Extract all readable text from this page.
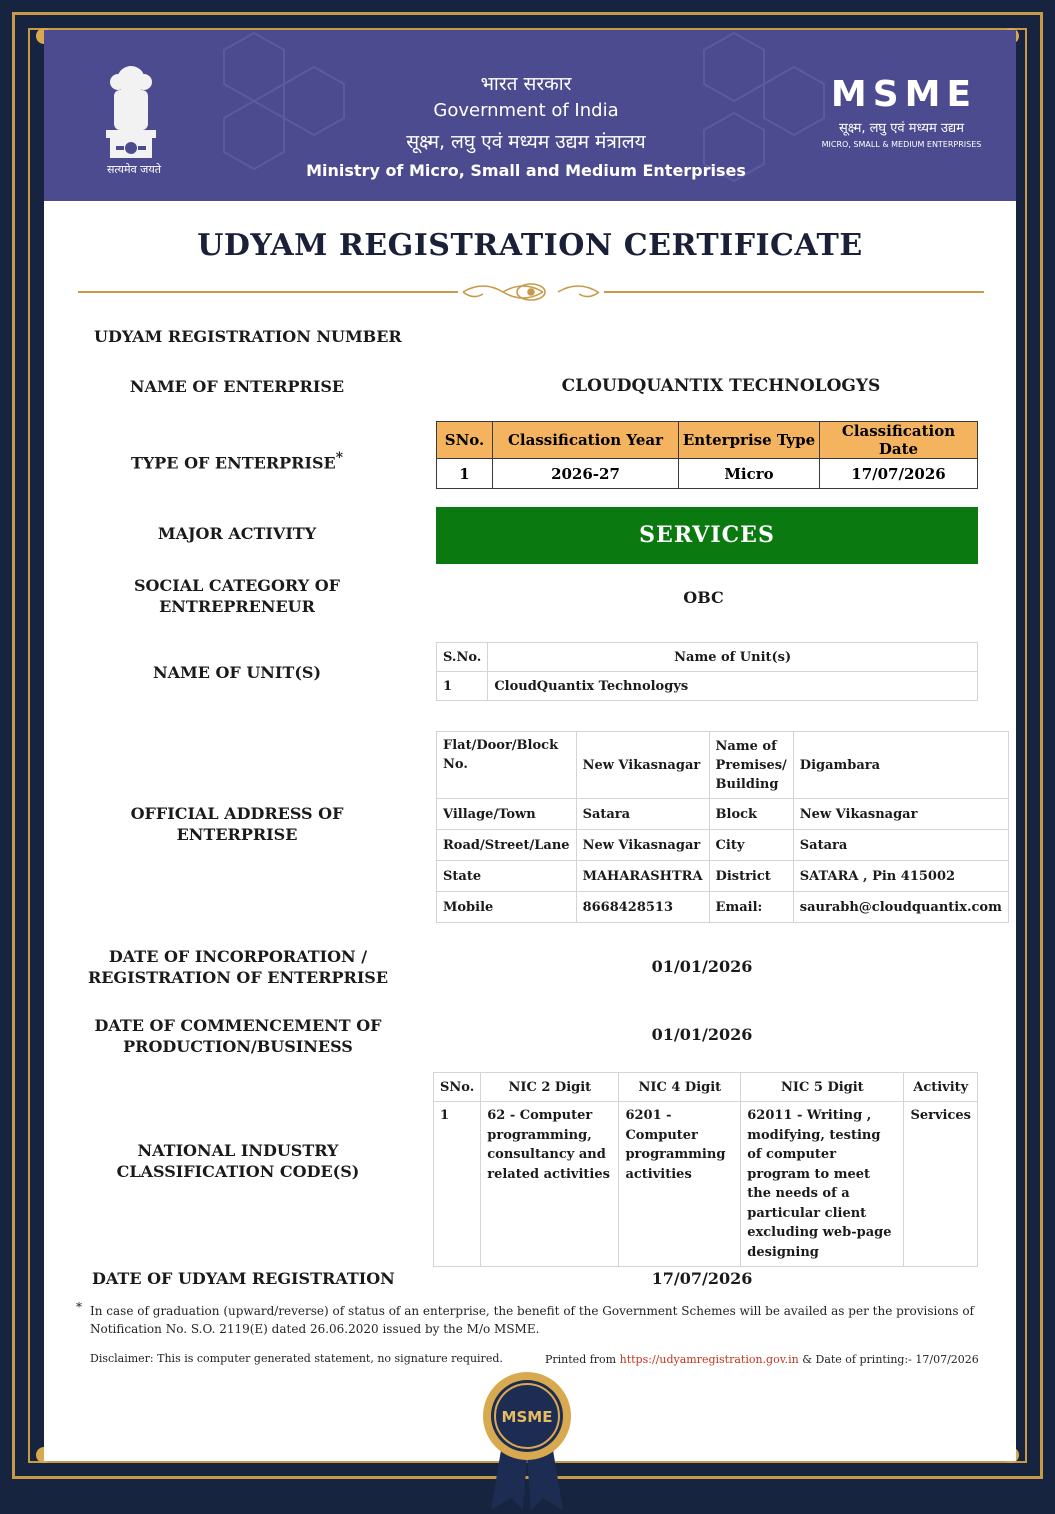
सत्यमेव जयते
भारत सरकार
Government of India
सूक्ष्म, लघु एवं मध्यम उद्यम मंत्रालय
Ministry of Micro, Small and Medium Enterprises
MSME
सूक्ष्म, लघु एवं मध्यम उद्यम
MICRO, SMALL & MEDIUM ENTERPRISES
UDYAM REGISTRATION CERTIFICATE
UDYAM REGISTRATION NUMBER
NAME OF ENTERPRISE	CLOUDQUANTIX TECHNOLOGYS
TYPE OF ENTERPRISE*
SNo.	Classification Year	Enterprise Type	Classification Date
1	2026-27	Micro	17/07/2026
MAJOR ACTIVITY	SERVICES
SOCIAL CATEGORY OF
ENTREPRENEUR	OBC
NAME OF UNIT(S)
S.No.	Name of Unit(s)
1	CloudQuantix Technologys
OFFICIAL ADDRESS OF
ENTERPRISE
Flat/Door/Block No.	New Vikasnagar	Name of Premises/ Building	Digambara
Village/Town	Satara	Block	New Vikasnagar
Road/Street/Lane	New Vikasnagar	City	Satara
State	MAHARASHTRA	District	SATARA , Pin 415002
Mobile	8668428513	Email:	saurabh@cloudquantix.com
DATE OF INCORPORATION /
REGISTRATION OF ENTERPRISE
01/01/2026
DATE OF COMMENCEMENT OF
PRODUCTION/BUSINESS
01/01/2026
NATIONAL INDUSTRY
CLASSIFICATION CODE(S)
SNo.	NIC 2 Digit	NIC 4 Digit	NIC 5 Digit	Activity
1	62 - Computer programming, consultancy and related activities	6201 - Computer programming activities	62011 - Writing , modifying, testing of computer program to meet the needs of a particular client excluding web-page designing	Services
DATE OF UDYAM REGISTRATION	17/07/2026
* In case of graduation (upward/reverse) of status of an enterprise, the benefit of the Government Schemes will be availed as per the provisions of Notification No. S.O. 2119(E) dated 26.06.2020 issued by the M/o MSME.
Disclaimer: This is computer generated statement, no signature required.	Printed from https://udyamregistration.gov.in & Date of printing:- 17/07/2026
MSME
